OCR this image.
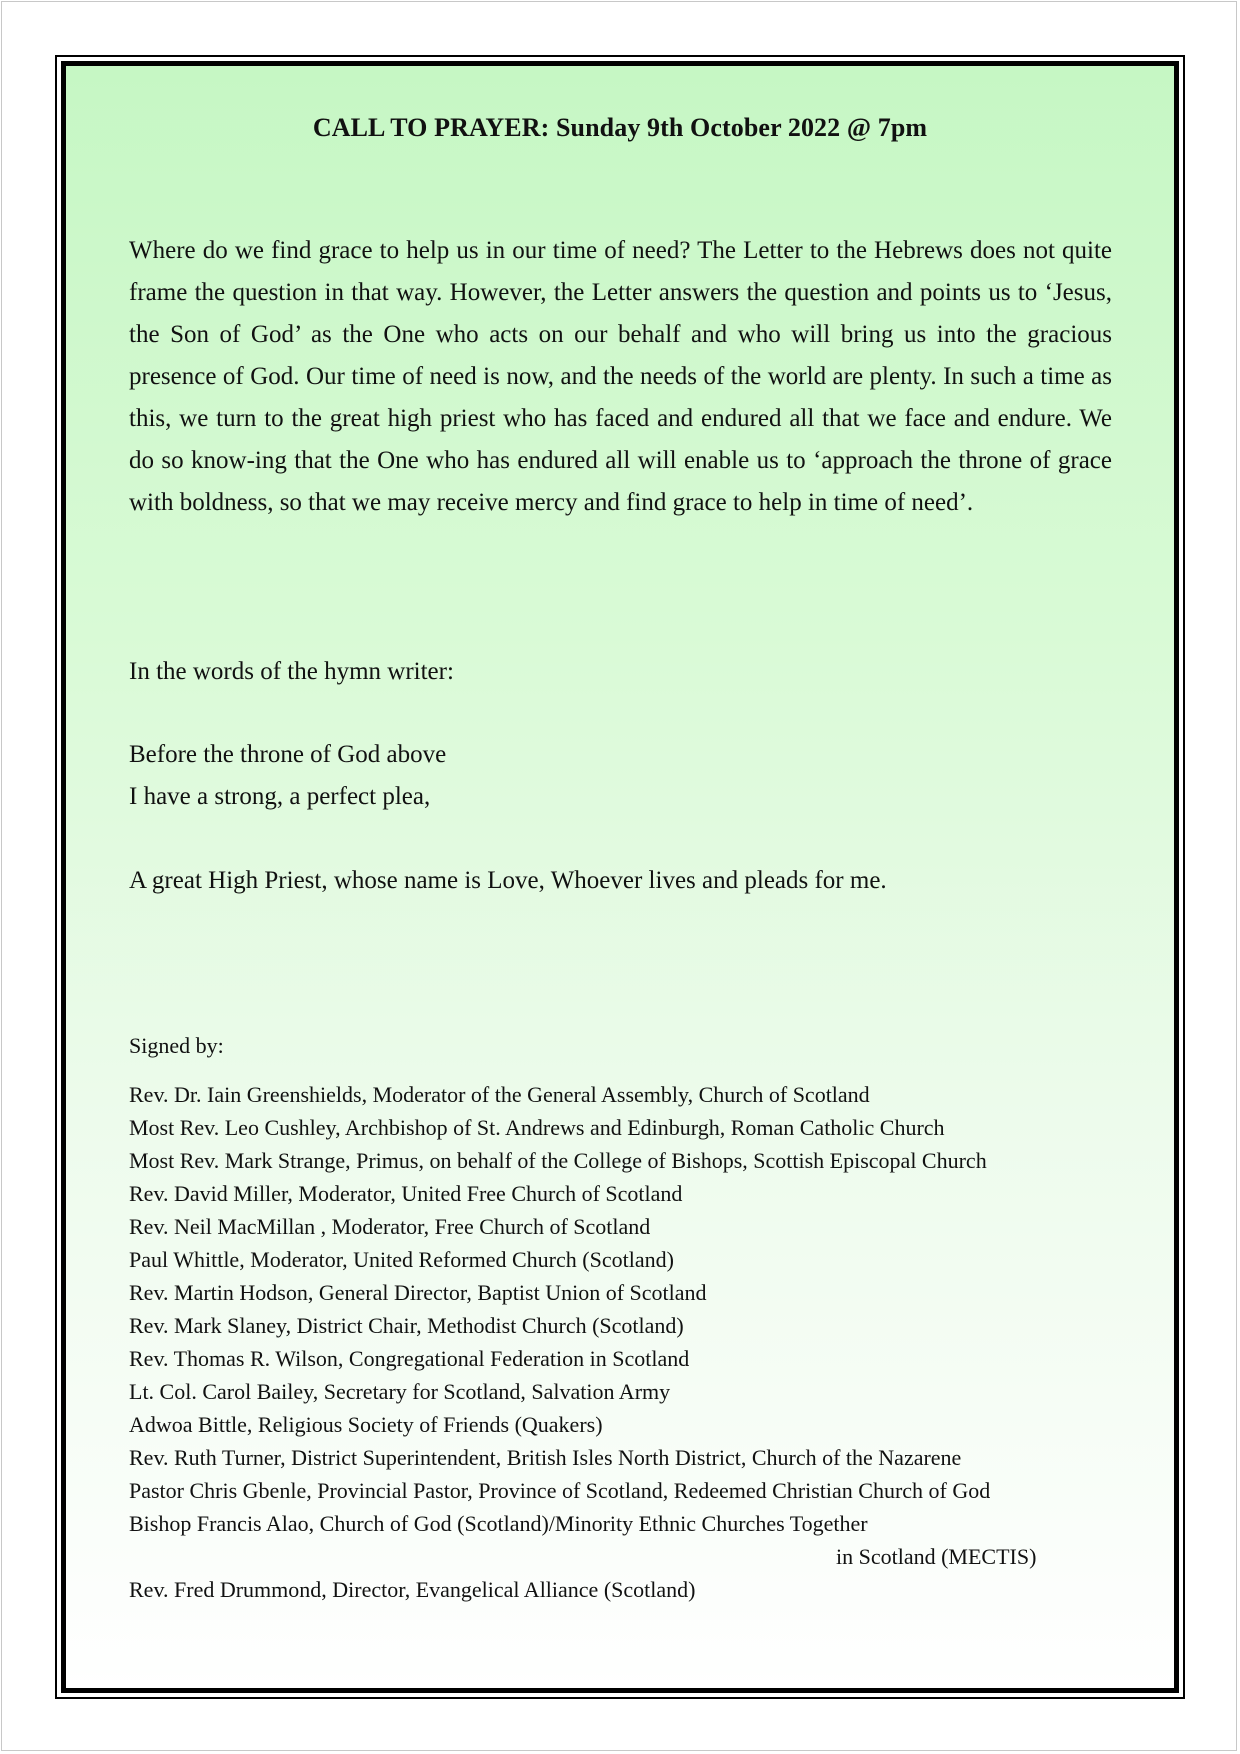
CALL TO PRAYER: Sunday 9th October 2022 @ 7pm

Where do we find grace to help us in our time of need? The Letter to the Hebrews does not quite frame the question in that way. However, the Letter answers the question and points us to ‘Jesus, the Son of God’ as the One who acts on our behalf and who will bring us into the gracious presence of God. Our time of need is now, and the needs of the world are plenty. In such a time as this, we turn to the great high priest who has faced and endured all that we face and endure. We do so know-ing that the One who has endured all will enable us to ‘approach the throne of grace with boldness, so that we may receive mercy and find grace to help in time of need’.

In the words of the hymn writer:
Before the throne of God above
I have a strong, a perfect plea,
A great High Priest, whose name is Love, Whoever lives and pleads for me.
Signed by:
Rev. Dr. Iain Greenshields, Moderator of the General Assembly, Church of Scotland
Most Rev. Leo Cushley, Archbishop of St. Andrews and Edinburgh, Roman Catholic Church
Most Rev. Mark Strange, Primus, on behalf of the College of Bishops, Scottish Episcopal Church
Rev. David Miller, Moderator, United Free Church of Scotland
Rev. Neil MacMillan , Moderator, Free Church of Scotland
Paul Whittle, Moderator, United Reformed Church (Scotland)
Rev. Martin Hodson, General Director, Baptist Union of Scotland
Rev. Mark Slaney, District Chair, Methodist Church (Scotland)
Rev. Thomas R. Wilson, Congregational Federation in Scotland
Lt. Col. Carol Bailey, Secretary for Scotland, Salvation Army
Adwoa Bittle, Religious Society of Friends (Quakers)
Rev. Ruth Turner, District Superintendent, British Isles North District, Church of the Nazarene
Pastor Chris Gbenle, Provincial Pastor, Province of Scotland, Redeemed Christian Church of God
Bishop Francis Alao, Church of God (Scotland)/Minority Ethnic Churches Together
in Scotland (MECTIS)
Rev. Fred Drummond, Director, Evangelical Alliance (Scotland)
